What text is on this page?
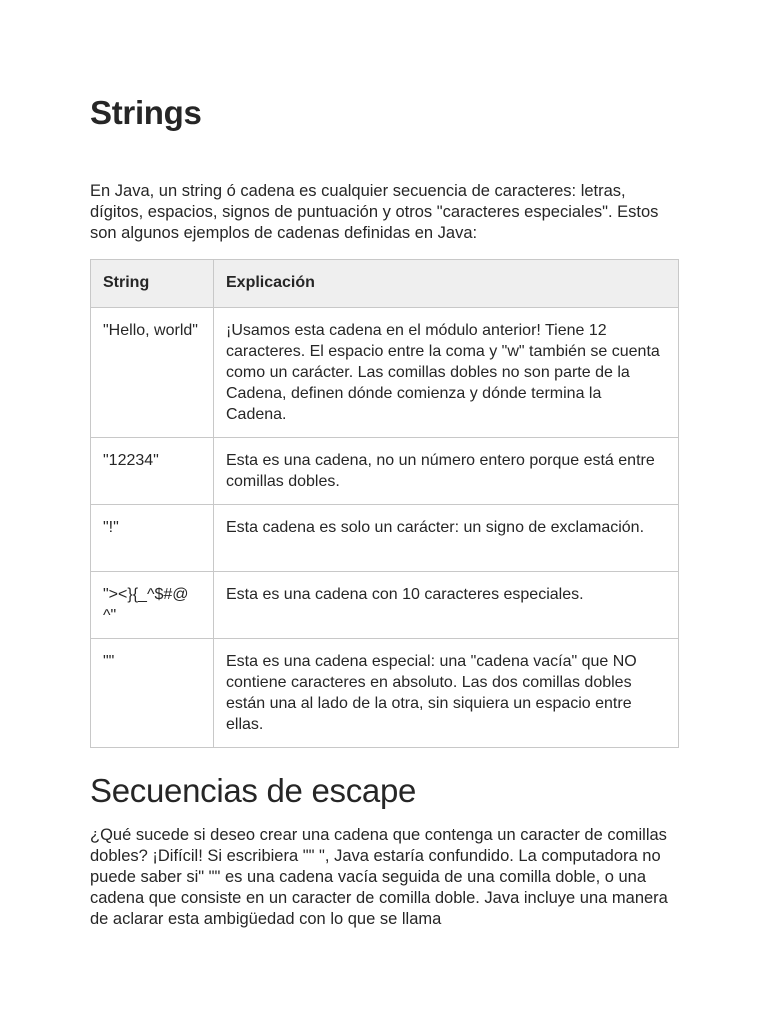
Strings

En Java, un string ó cadena es cualquier secuencia de caracteres: letras, dígitos, espacios, signos de puntuación y otros "caracteres especiales". Estos son algunos ejemplos de cadenas definidas en Java:

String	Explicación
"Hello, world"	¡Usamos esta cadena en el módulo anterior! Tiene 12 caracteres. El espacio entre la coma y "w" también se cuenta como un carácter. Las comillas dobles no son parte de la Cadena, definen dónde comienza y dónde termina la Cadena.
"12234"	Esta es una cadena, no un número entero porque está entre comillas dobles.
"!"	Esta cadena es solo un carácter: un signo de exclamación.
"><}{_^$#@^"	Esta es una cadena con 10 caracteres especiales.
""	Esta es una cadena especial: una "cadena vacía" que NO contiene caracteres en absoluto. Las dos comillas dobles están una al lado de la otra, sin siquiera un espacio entre ellas.
Secuencias de escape

¿Qué sucede si deseo crear una cadena que contenga un caracter de comillas dobles? ¡Difícil! Si escribiera "" ", Java estaría confundido. La computadora no puede saber si" "" es una cadena vacía seguida de una comilla doble, o una cadena que consiste en un caracter de comilla doble. Java incluye una manera de aclarar esta ambigüedad con lo que se llama
